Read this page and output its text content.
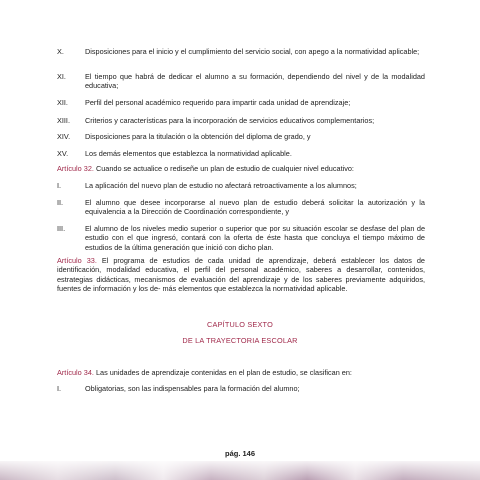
X.	Disposiciones para el inicio y el cumplimiento del servicio social, con apego a la normatividad aplicable;
XI.	El tiempo que habrá de dedicar el alumno a su formación, dependiendo del nivel y de la modalidad educativa;
XII.	Perfil del personal académico requerido para impartir cada unidad de aprendizaje;
XIII.	Criterios y características para la incorporación de servicios educativos complementarios;
XIV.	Disposiciones para la titulación o la obtención del diploma de grado, y
XV.	Los demás elementos que establezca la normatividad aplicable.
Artículo 32. Cuando se actualice o rediseñe un plan de estudio de cualquier nivel educativo:
I.	La aplicación del nuevo plan de estudio no afectará retroactivamente a los alumnos;
II.	El alumno que desee incorporarse al nuevo plan de estudio deberá solicitar la autorización y la equivalencia a la Dirección de Coordinación correspondiente, y
III.	El alumno de los niveles medio superior o superior que por su situación escolar se desfase del plan de estudio con el que ingresó, contará con la oferta de éste hasta que concluya el tiempo máximo de estudios de la última generación que inició con dicho plan.
Artículo 33. El programa de estudios de cada unidad de aprendizaje, deberá establecer los datos de identificación, modalidad educativa, el perfil del personal académico, saberes a desarrollar, contenidos, estrategias didácticas, mecanismos de evaluación del aprendizaje y de los saberes previamente adquiridos, fuentes de información y los de- más elementos que establezca la normatividad aplicable.
CAPÍTULO SEXTO
DE LA TRAYECTORIA ESCOLAR
Artículo 34. Las unidades de aprendizaje contenidas en el plan de estudio, se clasifican en:
I.	Obligatorias, son las indispensables para la formación del alumno;
pág. 146
